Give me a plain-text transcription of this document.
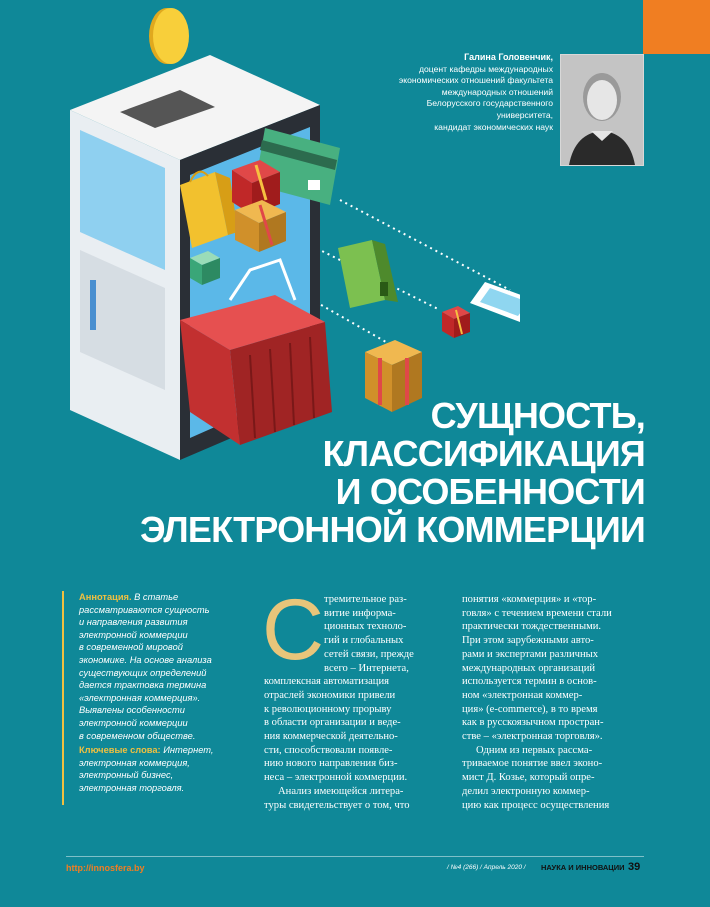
Галина Головенчик,
доцент кафедры международных
экономических отношений факультета
международных отношений
Белорусского государственного
университета,
кандидат экономических наук
СУЩНОСТЬ,
КЛАССИФИКАЦИЯ
И ОСОБЕННОСТИ
ЭЛЕКТРОННОЙ КОММЕРЦИИ
Аннотация. В статье
рассматриваются сущность
и направления развития
электронной коммерции
в современной мировой
экономике. На основе анализа
существующих определений
дается трактовка термина
«электронная коммерция».
Выявлены особенности
электронной коммерции
в современном обществе.
Ключевые слова: Интернет,
электронная коммерция,
электронный бизнес,
электронная торговля.
С тремительное раз-
витие информа-
ционных техноло-
гий и глобальных
сетей связи, прежде
всего – Интернета,
комплексная автоматизация
отраслей экономики привели
к революционному прорыву
в области организации и веде-
ния коммерческой деятельно-
сти, способствовали появле-
нию нового направления биз-
неса – электронной коммерции.
Анализ имеющейся литера-
туры свидетельствует о том, что
понятия «коммерция» и «тор-
говля» с течением времени стали
практически тождественными.
При этом зарубежными авто-
рами и экспертами различных
международных организаций
используется термин в основ-
ном «электронная коммер-
ция» (e-commerce), в то время
как в русскоязычном простран-
стве – «электронная торговля».
Одним из первых рассма-
триваемое понятие ввел эконо-
мист Д. Козье, который опре-
делил электронную коммер-
цию как процесс осуществления
http://innosfera.by	/ №4 (266) / Апрель 2020 / НАУКА И ИННОВАЦИИ 39
